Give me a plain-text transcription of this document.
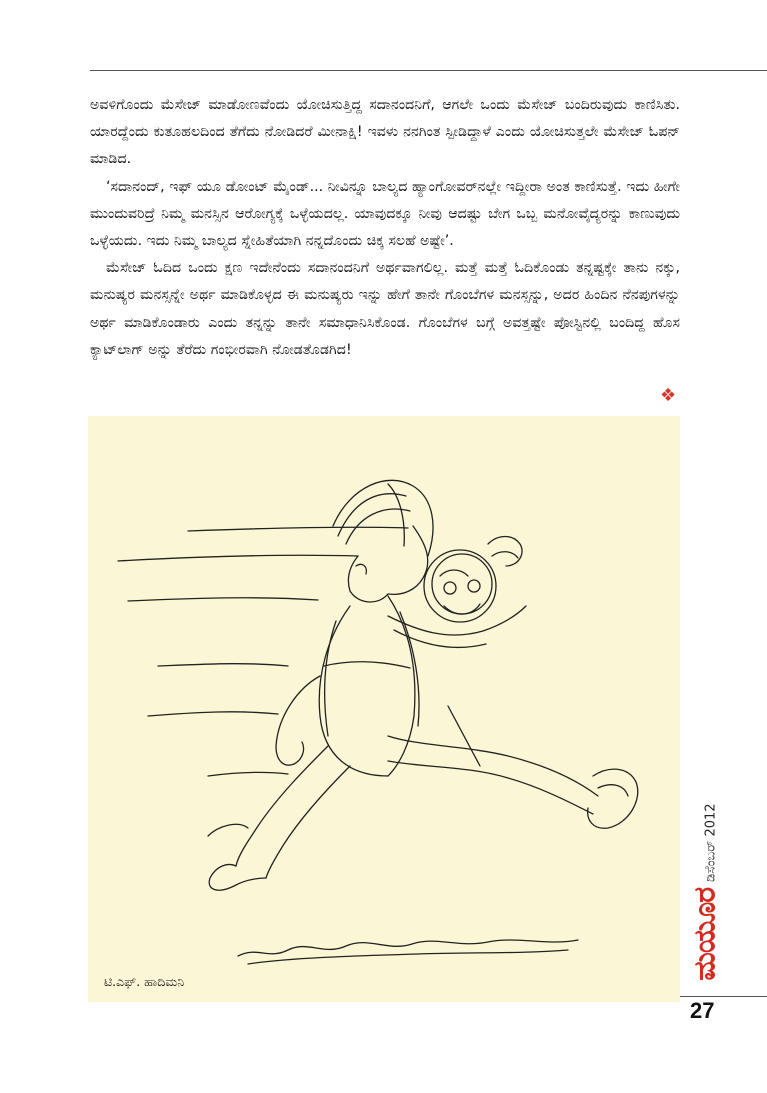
ಅವಳಿಗೊಂದು ಮೆಸೇಜ್ ಮಾಡೋಣವೆಂದು ಯೋಚಿಸುತ್ತಿದ್ದ ಸದಾನಂದನಿಗೆ, ಆಗಲೇ ಒಂದು ಮೆಸೇಜ್ ಬಂದಿರುವುದು ಕಾಣಿಸಿತು. ಯಾರದ್ದೆಂದು ಕುತೂಹಲದಿಂದ ತೆಗೆದು ನೋಡಿದರೆ ಮೀನಾಕ್ಷಿ! ಇವಳು ನನಗಿಂತ ಸ್ಪೀಡಿದ್ದಾಳೆ ಎಂದು ಯೋಚಿಸುತ್ತಲೇ ಮೆಸೇಜ್ ಓಪನ್ ಮಾಡಿದ.

‘ಸದಾನಂದ್, ಇಫ್ ಯೂ ಡೋಂಟ್ ಮೈಂಡ್... ನೀವಿನ್ನೂ ಬಾಲ್ಯದ ಹ್ಯಾಂಗೋವರ್‌ನಲ್ಲೇ ಇದ್ದೀರಾ ಅಂತ ಕಾಣಿಸುತ್ತೆ. ಇದು ಹೀಗೇ ಮುಂದುವರಿದ್ರೆ ನಿಮ್ಮ ಮನಸ್ಸಿನ ಆರೋಗ್ಯಕ್ಕೆ ಒಳ್ಳೆಯದಲ್ಲ. ಯಾವುದಕ್ಕೂ ನೀವು ಆದಷ್ಟು ಬೇಗ ಒಬ್ಬ ಮನೋವೈದ್ಯರನ್ನು ಕಾಣುವುದು ಒಳ್ಳೆಯದು. ಇದು ನಿಮ್ಮ ಬಾಲ್ಯದ ಸ್ನೇಹಿತೆಯಾಗಿ ನನ್ನದೊಂದು ಚಿಕ್ಕ ಸಲಹೆ ಅಷ್ಟೇ’.

ಮೆಸೇಜ್ ಓದಿದ ಒಂದು ಕ್ಷಣ ಇದೇನೆಂದು ಸದಾನಂದನಿಗೆ ಅರ್ಥವಾಗಲಿಲ್ಲ. ಮತ್ತೆ ಮತ್ತೆ ಓದಿಕೊಂಡು ತನ್ನಷ್ಟಕ್ಕೇ ತಾನು ನಕ್ಕು, ಮನುಷ್ಯರ ಮನಸ್ಸನ್ನೇ ಅರ್ಥ ಮಾಡಿಕೊಳ್ಳದ ಈ ಮನುಷ್ಯರು ಇನ್ನು ಹೇಗೆ ತಾನೇ ಗೊಂಬೆಗಳ ಮನಸ್ಸನ್ನು, ಅದರ ಹಿಂದಿನ ನೆನಪುಗಳನ್ನು ಅರ್ಥ ಮಾಡಿಕೊಂಡಾರು ಎಂದು ತನ್ನನ್ನು ತಾನೇ ಸಮಾಧಾನಿಸಿಕೊಂಡ. ಗೊಂಬೆಗಳ ಬಗ್ಗೆ ಅವತ್ತಷ್ಟೇ ಪೋಸ್ಟಿನಲ್ಲಿ ಬಂದಿದ್ದ ಹೊಸ ಕ್ಯಾಟ್‌ಲಾಗ್ ಅನ್ನು ತೆರೆದು ಗಂಭೀರವಾಗಿ ನೋಡತೊಡಗಿದ!

❖
ಟಿ.ಎಫ್. ಹಾದಿಮನಿ
ಮಯೂರ
ಡಿಸೆಂಬರ್ 2012
27
